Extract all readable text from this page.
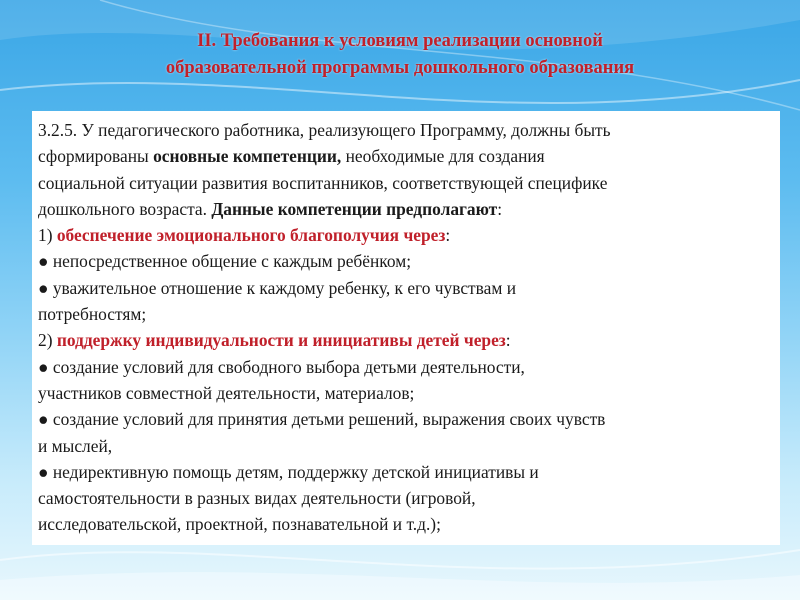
II. Требования к условиям реализации основной
образовательной программы дошкольного образования
3.2.5. У педагогического работника, реализующего Программу, должны быть
сформированы основные компетенции, необходимые для создания
социальной ситуации развития воспитанников, соответствующей специфике
дошкольного возраста. Данные компетенции предполагают:
1) обеспечение эмоционального благополучия через:
● непосредственное общение с каждым ребёнком;
● уважительное отношение к каждому ребенку, к его чувствам и
потребностям;
2) поддержку индивидуальности и инициативы детей через:
● создание условий для свободного выбора детьми деятельности,
участников совместной деятельности, материалов;
● создание условий для принятия детьми решений, выражения своих чувств
и мыслей,
● недирективную помощь детям, поддержку детской инициативы и
самостоятельности в разных видах деятельности (игровой,
исследовательской, проектной, познавательной и т.д.);
